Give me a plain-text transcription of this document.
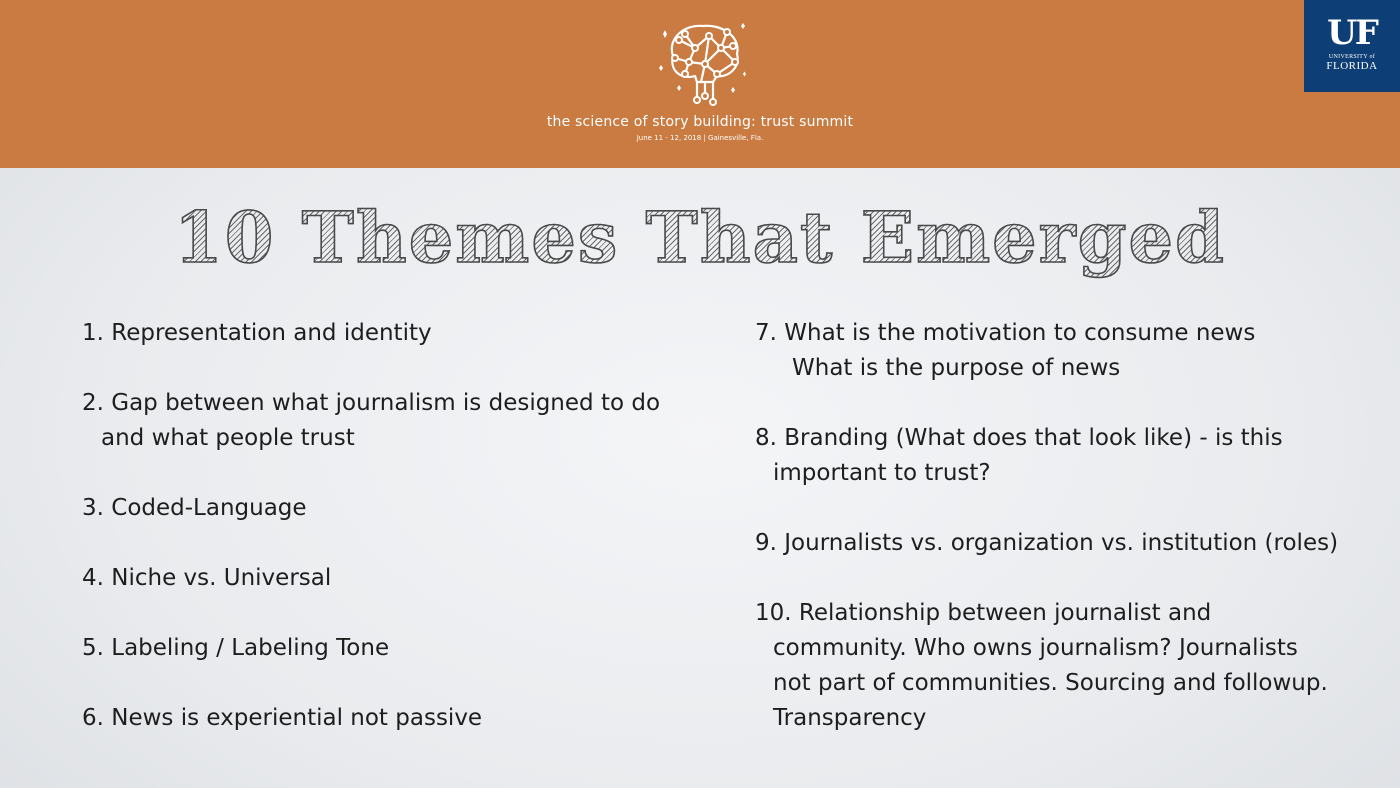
the science of story building: trust summit
June 11 - 12, 2018 | Gainesville, Fla.
UF
UNIVERSITY of
FLORIDA
10 Themes That Emerged
1. Representation and identity
2. Gap between what journalism is designed to do
and what people trust
3. Coded-Language
4. Niche vs. Universal
5. Labeling / Labeling Tone
6. News is experiential not passive
7. What is the motivation to consume news
What is the purpose of news
8. Branding (What does that look like) - is this
important to trust?
9. Journalists vs. organization vs. institution (roles)
10. Relationship between journalist and
community. Who owns journalism? Journalists
not part of communities. Sourcing and followup.
Transparency
